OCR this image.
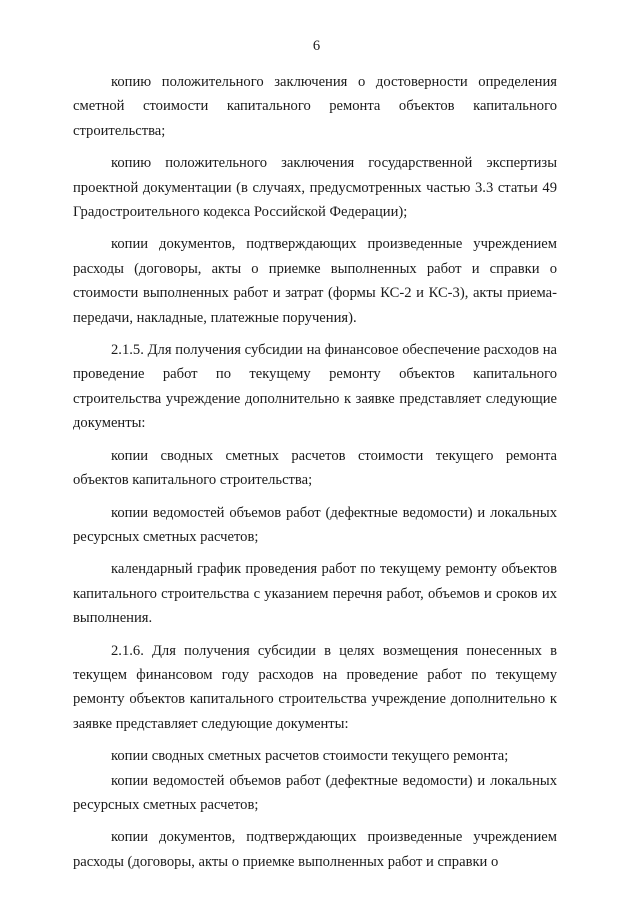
6

копию положительного заключения о достоверности определения сметной стоимости капитального ремонта объектов капитального строительства;

копию положительного заключения государственной экспертизы проектной документации (в случаях, предусмотренных частью 3.3 статьи 49 Градостроительного кодекса Российской Федерации);

копии документов, подтверждающих произведенные учреждением расходы (договоры, акты о приемке выполненных работ и справки о стоимости выполненных работ и затрат (формы КС-2 и КС-3), акты приема-передачи, накладные, платежные поручения).

2.1.5. Для получения субсидии на финансовое обеспечение расходов на проведение работ по текущему ремонту объектов капитального строительства учреждение дополнительно к заявке представляет следующие документы:

копии сводных сметных расчетов стоимости текущего ремонта объектов капитального строительства;

копии ведомостей объемов работ (дефектные ведомости) и локальных ресурсных сметных расчетов;

календарный график проведения работ по текущему ремонту объектов капитального строительства с указанием перечня работ, объемов и сроков их выполнения.

2.1.6. Для получения субсидии в целях возмещения понесенных в текущем финансовом году расходов на проведение работ по текущему ремонту объектов капитального строительства учреждение дополнительно к заявке представляет следующие документы:

копии сводных сметных расчетов стоимости текущего ремонта;

копии ведомостей объемов работ (дефектные ведомости) и локальных ресурсных сметных расчетов;

копии документов, подтверждающих произведенные учреждением расходы (договоры, акты о приемке выполненных работ и справки о
